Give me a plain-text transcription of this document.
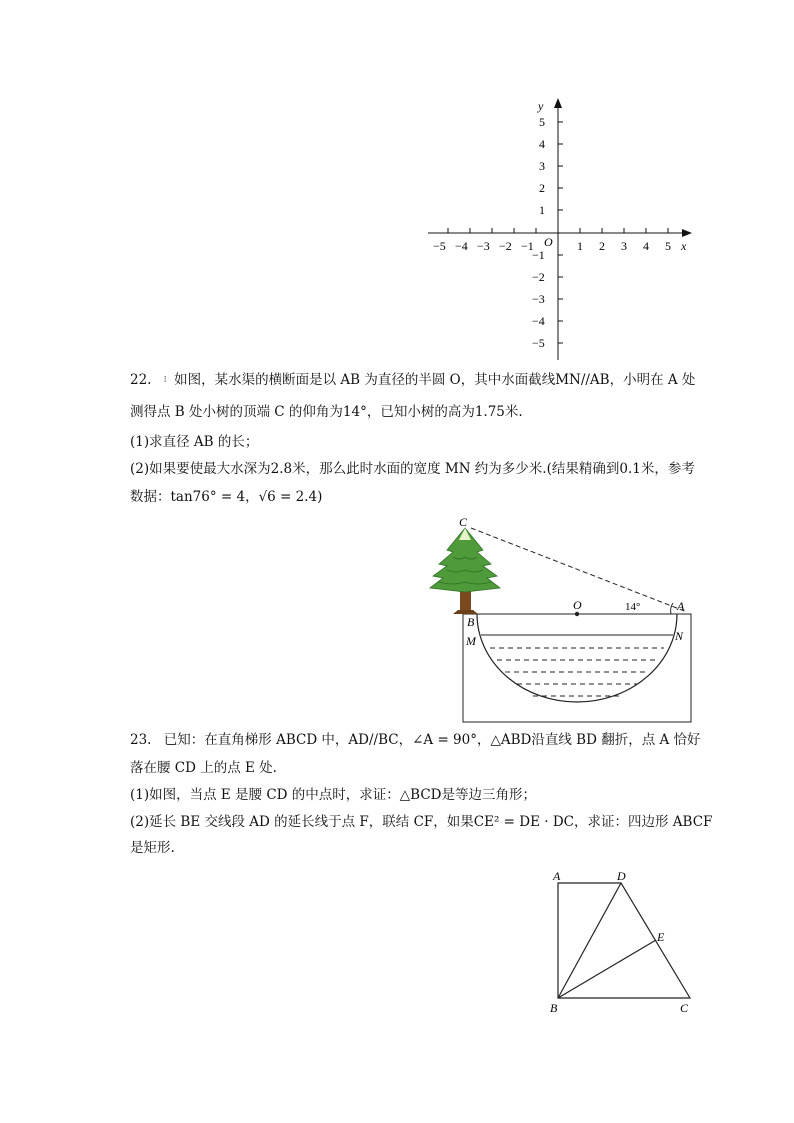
y
x
O
5
4
3
2
1
−1
−2
−3
−4
−5
−5 −4 −3 −2 −1	1 2 3 4 5
22. ⁝ 如图，某水渠的横断面是以 AB 为直径的半圆 O，其中水面截线MN//AB，小明在 A 处
测得点 B 处小树的顶端 C 的仰角为14°，已知小树的高为1.75米.
(1)求直径 AB 的长；
(2)如果要使最大水深为2.8米，那么此时水面的宽度 MN 约为多少米.(结果精确到0.1米，参考
数据：tan76° = 4，√6 = 2.4)
C
B
O	A
M	N
14°
23. 已知：在直角梯形 ABCD 中，AD//BC，∠A = 90°，△ABD沿直线 BD 翻折，点 A 恰好
落在腰 CD 上的点 E 处.
(1)如图，当点 E 是腰 CD 的中点时，求证：△BCD是等边三角形；
(2)延长 BE 交线段 AD 的延长线于点 F，联结 CF，如果CE² = DE · DC，求证：四边形 ABCF
是矩形.
A	D
E
B	C
